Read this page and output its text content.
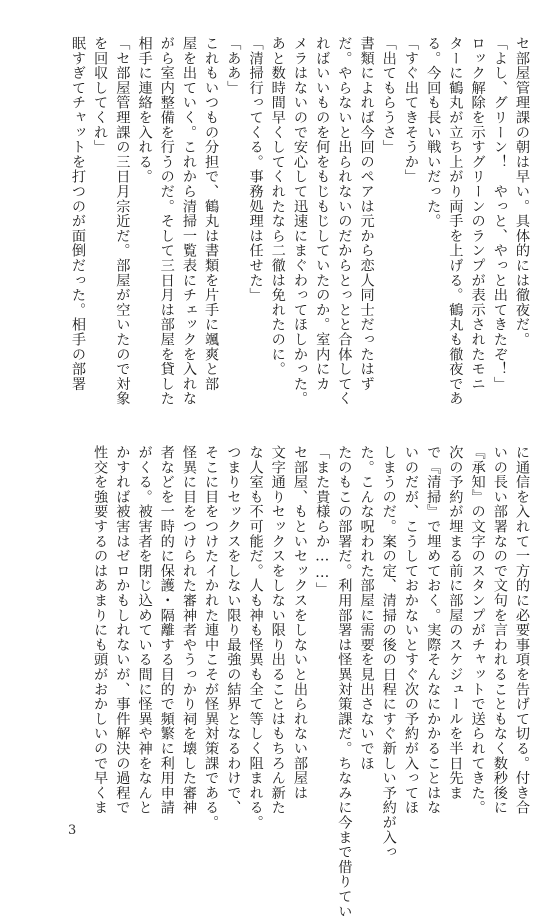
セ部屋管理課の朝は早い。具体的には徹夜だ。
「よし、グリーン！　やっと、やっと出てきたぞ！」
ロック解除を示すグリーンのランプが表示されたモニ
ターに鶴丸が立ち上がり両手を上げる。鶴丸も徹夜であ
る。今回も長い戦いだった。
「すぐ出てきそうか」
「出てもらうさ」
書類によれば今回のペアは元から恋人同士だったはず
だ。やらないと出られないのだからとっとと合体してく
ればいいものを何をもじもじしていたのか。室内にカ
メラはないので安心して迅速にまぐわってほしかった。
あと数時間早くしてくれたなら二徹は免れたのに。
「清掃行ってくる。事務処理は任せた」
「ああ」
これもいつもの分担で、鶴丸は書類を片手に颯爽と部
屋を出ていく。これから清掃一覧表にチェックを入れな
がら室内整備を行うのだ。そして三日月は部屋を貸した
相手に連絡を入れる。
「セ部屋管理課の三日月宗近だ。部屋が空いたので対象
を回収してくれ」
眠すぎてチャットを打つのが面倒だった。相手の部署
に通信を入れて一方的に必要事項を告げて切る。付き合
いの長い部署なので文句を言われることもなく数秒後に
『承知』の文字のスタンプがチャットで送られてきた。
次の予約が埋まる前に部屋のスケジュールを半日先ま
で『清掃』で埋めておく。実際そんなにかかることはな
いのだが、こうしておかないとすぐ次の予約が入ってほ
しまうのだ。案の定、清掃の後の日程にすぐ新しい予約が入っ
た。こんな呪われた部屋に需要を見出さないでほ
たのもこの部署だ。利用部署は怪異対策課だ。ちなみに今まで借りてい
「また貴様らか……」
セ部屋、もといセックスをしないと出られない部屋は
文字通りセックスをしない限り出ることはもちろん新た
な人室も不可能だ。人も神も怪異も全て等しく阻まれる。
つまりセックスをしない限り最強の結界となるわけで、
そこに目をつけたイかれた連中こそが怪異対策課である。
怪異に目をつけられた審神者やうっかり祠を壊した審神
者などを一時的に保護・隔離する目的で頻繁に利用申請
がくる。被害者を閉じ込めている間に怪異や神をなんと
かすれば被害はゼロかもしれないが、事件解決の過程で
性交を強要するのはあまりにも頭がおかしいので早くま
3
